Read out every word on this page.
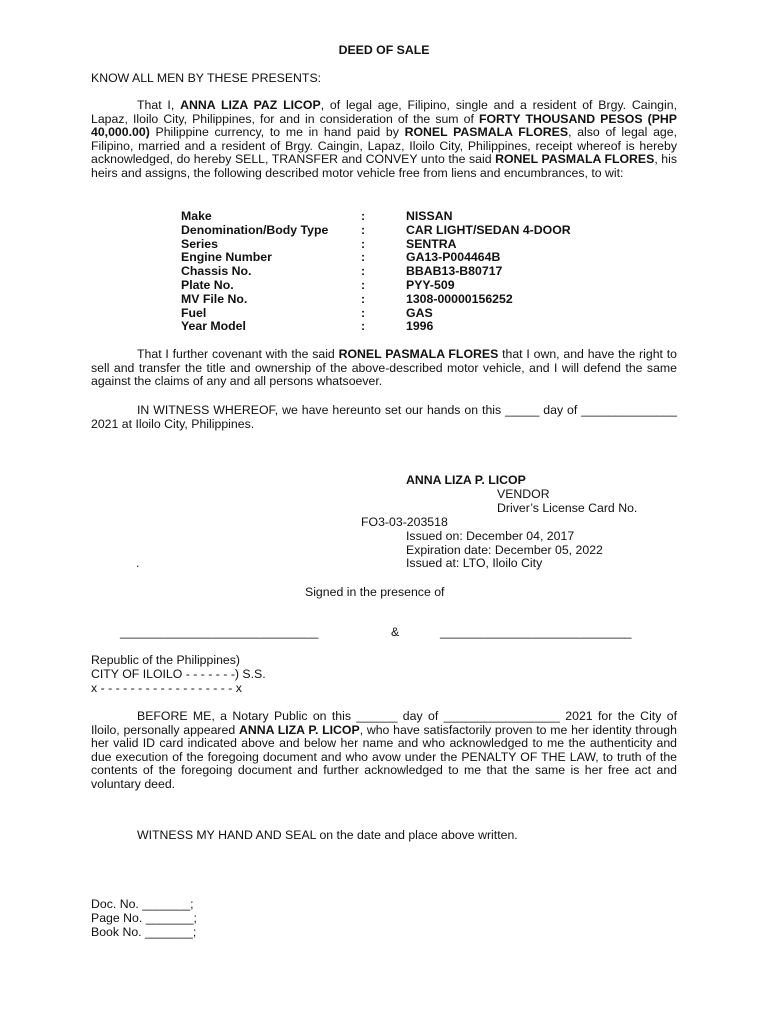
DEED OF SALE
KNOW ALL MEN BY THESE PRESENTS:
That I, ANNA LIZA PAZ LICOP, of legal age, Filipino, single and a resident of Brgy. Caingin, Lapaz, Iloilo City, Philippines, for and in consideration of the sum of FORTY THOUSAND PESOS (PHP 40,000.00) Philippine currency, to me in hand paid by RONEL PASMALA FLORES, also of legal age, Filipino, married and a resident of Brgy. Caingin, Lapaz, Iloilo City, Philippines, receipt whereof is hereby acknowledged, do hereby SELL, TRANSFER and CONVEY unto the said RONEL PASMALA FLORES, his heirs and assigns, the following described motor vehicle free from liens and encumbrances, to wit:
Make	:	NISSAN
Denomination/Body Type	:	CAR LIGHT/SEDAN 4-DOOR
Series	:	SENTRA
Engine Number	:	GA13-P004464B
Chassis No.	:	BBAB13-B80717
Plate No.	:	PYY-509
MV File No.	:	1308-00000156252
Fuel	:	GAS
Year Model	:	1996
That I further covenant with the said RONEL PASMALA FLORES that I own, and have the right to sell and transfer the title and ownership of the above-described motor vehicle, and I will defend the same against the claims of any and all persons whatsoever.
IN WITNESS WHEREOF, we have hereunto set our hands on this _____ day of ______________ 2021 at Iloilo City, Philippines.
ANNA LIZA P. LICOP
VENDOR
Driver’s License Card No.
FO3-03-203518
Issued on: December 04, 2017
Expiration date: December 05, 2022
.	Issued at: LTO, Iloilo City
Signed in the presence of
_____________________________	&	____________________________
Republic of the Philippines)
CITY OF ILOILO - - - - - - -) S.S.
x - - - - - - - - - - - - - - - - - - x
BEFORE ME, a Notary Public on this ______ day of _________________ 2021 for the City of Iloilo, personally appeared ANNA LIZA P. LICOP, who have satisfactorily proven to me her identity through her valid ID card indicated above and below her name and who acknowledged to me the authenticity and due execution of the foregoing document and who avow under the PENALTY OF THE LAW, to truth of the contents of the foregoing document and further acknowledged to me that the same is her free act and voluntary deed.
WITNESS MY HAND AND SEAL on the date and place above written.
Doc. No. _______;
Page No. _______;
Book No. _______;
